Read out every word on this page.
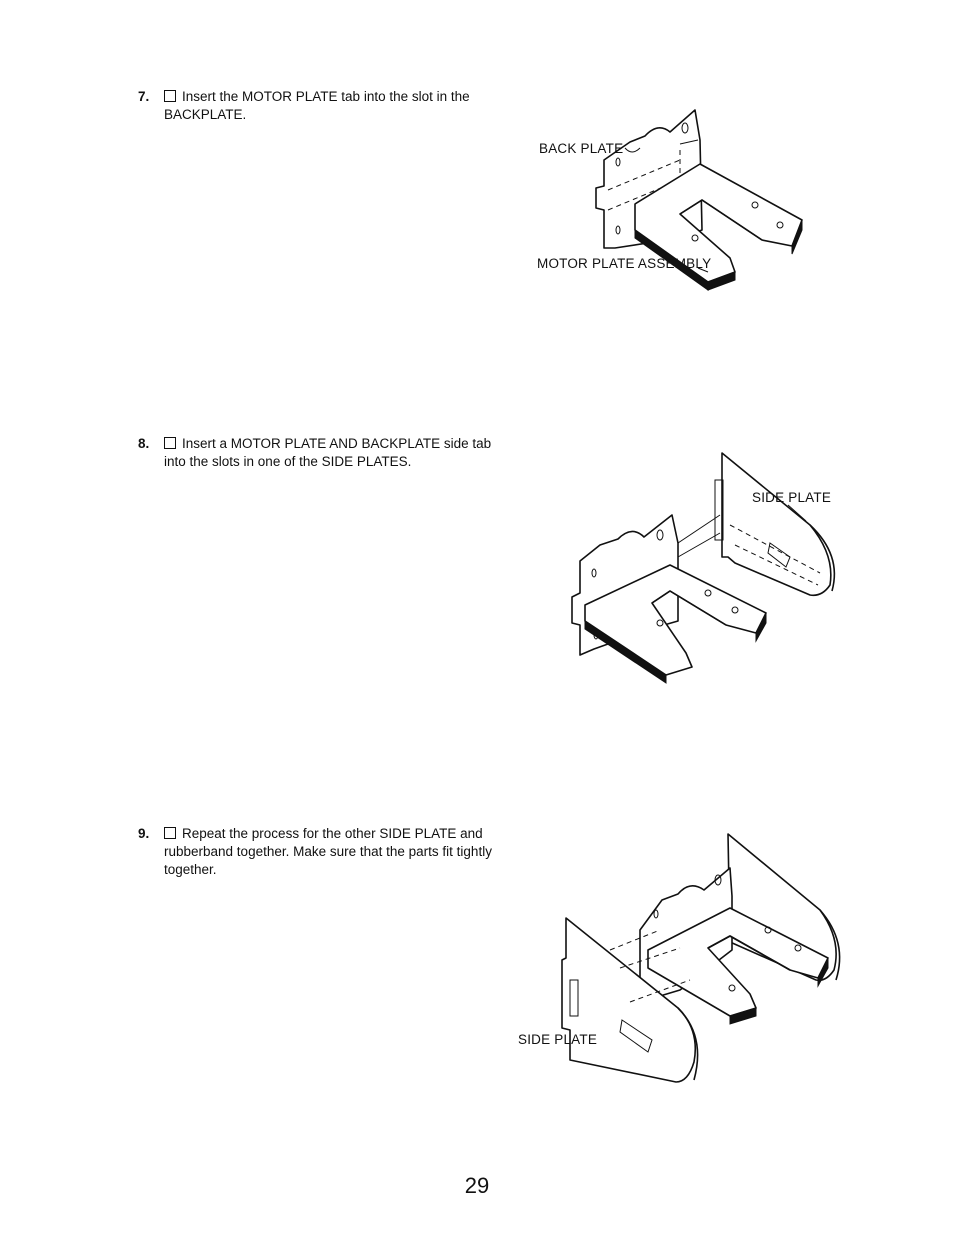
7.	Insert the MOTOR PLATE tab into the slot in the BACKPLATE.
BACK PLATE
MOTOR PLATE ASSEMBLY
8.	Insert a MOTOR PLATE AND BACKPLATE side tab into the slots in one of the SIDE PLATES.
SIDE PLATE
9.	Repeat the process for the other SIDE PLATE and rubberband together. Make sure that the parts fit tightly together.
SIDE PLATE
29
